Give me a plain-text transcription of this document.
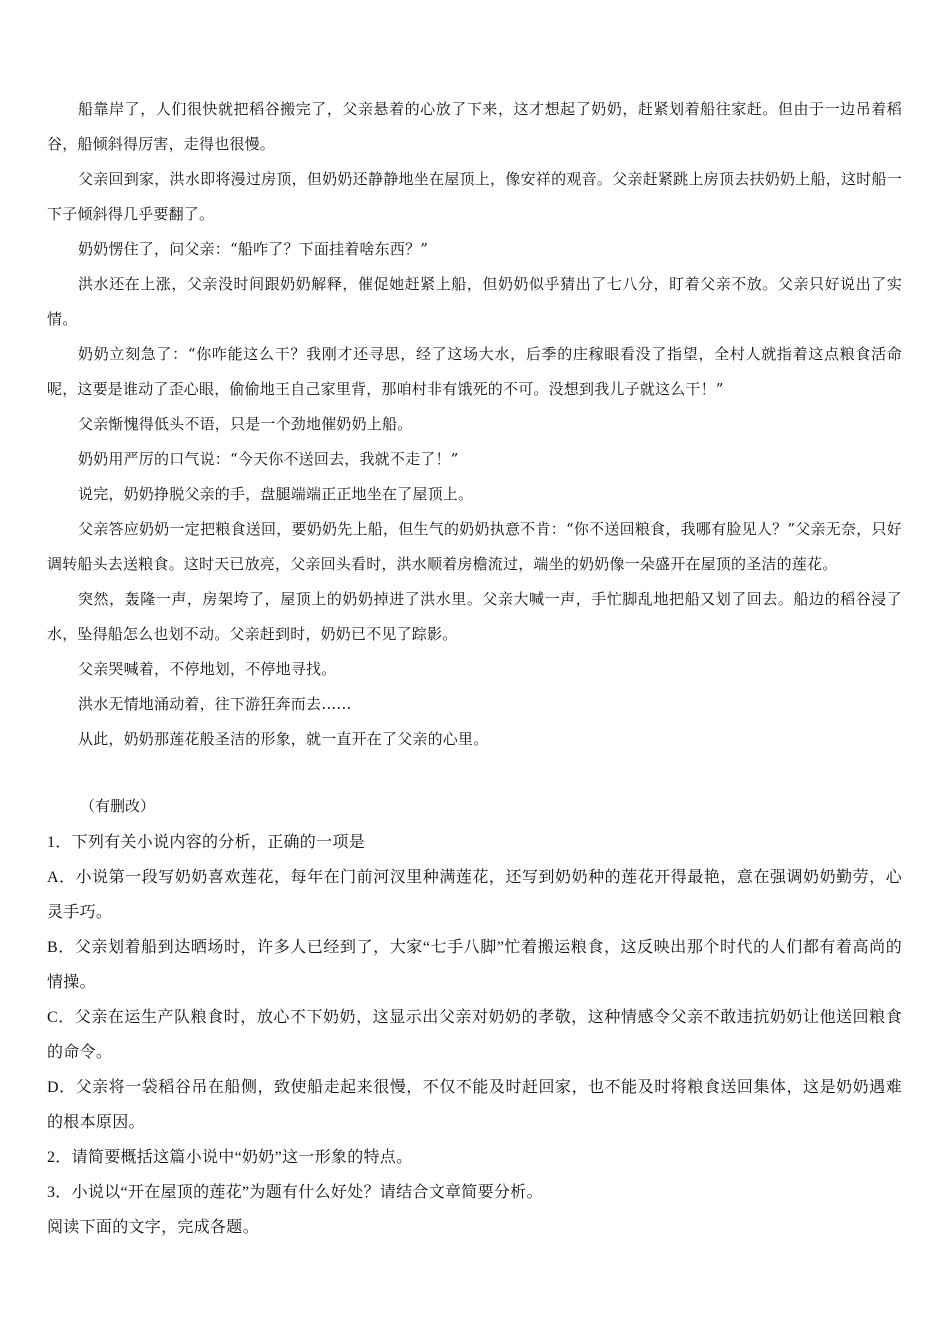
船靠岸了，人们很快就把稻谷搬完了，父亲悬着的心放了下来，这才想起了奶奶，赶紧划着船往家赶。但由于一边吊着稻谷，船倾斜得厉害，走得也很慢。

父亲回到家，洪水即将漫过房顶，但奶奶还静静地坐在屋顶上，像安祥的观音。父亲赶紧跳上房顶去扶奶奶上船，这时船一下子倾斜得几乎要翻了。

奶奶愣住了，问父亲：“船咋了？下面挂着啥东西？”

洪水还在上涨，父亲没时间跟奶奶解释，催促她赶紧上船，但奶奶似乎猜出了七八分，盯着父亲不放。父亲只好说出了实情。

奶奶立刻急了：“你咋能这么干？我刚才还寻思，经了这场大水，后季的庄稼眼看没了指望，全村人就指着这点粮食活命呢，这要是谁动了歪心眼，偷偷地王自己家里背，那咱村非有饿死的不可。没想到我儿子就这么干！”

父亲惭愧得低头不语，只是一个劲地催奶奶上船。

奶奶用严厉的口气说：“今天你不送回去，我就不走了！”

说完，奶奶挣脱父亲的手，盘腿端端正正地坐在了屋顶上。

父亲答应奶奶一定把粮食送回，要奶奶先上船，但生气的奶奶执意不肯：“你不送回粮食，我哪有脸见人？”父亲无奈，只好调转船头去送粮食。这时天已放亮，父亲回头看时，洪水顺着房檐流过，端坐的奶奶像一朵盛开在屋顶的圣洁的莲花。

突然，轰隆一声，房架垮了，屋顶上的奶奶掉进了洪水里。父亲大喊一声，手忙脚乱地把船又划了回去。船边的稻谷浸了水，坠得船怎么也划不动。父亲赶到时，奶奶已不见了踪影。

父亲哭喊着，不停地划，不停地寻找。

洪水无情地涌动着，往下游狂奔而去……

从此，奶奶那莲花般圣洁的形象，就一直开在了父亲的心里。

（有删改）

1．下列有关小说内容的分析，正确的一项是

A．小说第一段写奶奶喜欢莲花，每年在门前河汊里种满莲花，还写到奶奶种的莲花开得最艳，意在强调奶奶勤劳，心灵手巧。

B．父亲划着船到达晒场时，许多人已经到了，大家“七手八脚”忙着搬运粮食，这反映出那个时代的人们都有着高尚的情操。

C．父亲在运生产队粮食时，放心不下奶奶，这显示出父亲对奶奶的孝敬，这种情感令父亲不敢违抗奶奶让他送回粮食的命令。

D．父亲将一袋稻谷吊在船侧，致使船走起来很慢，不仅不能及时赶回家，也不能及时将粮食送回集体，这是奶奶遇难的根本原因。

2．请简要概括这篇小说中“奶奶”这一形象的特点。

3．小说以“开在屋顶的莲花”为题有什么好处？请结合文章简要分析。

阅读下面的文字，完成各题。
